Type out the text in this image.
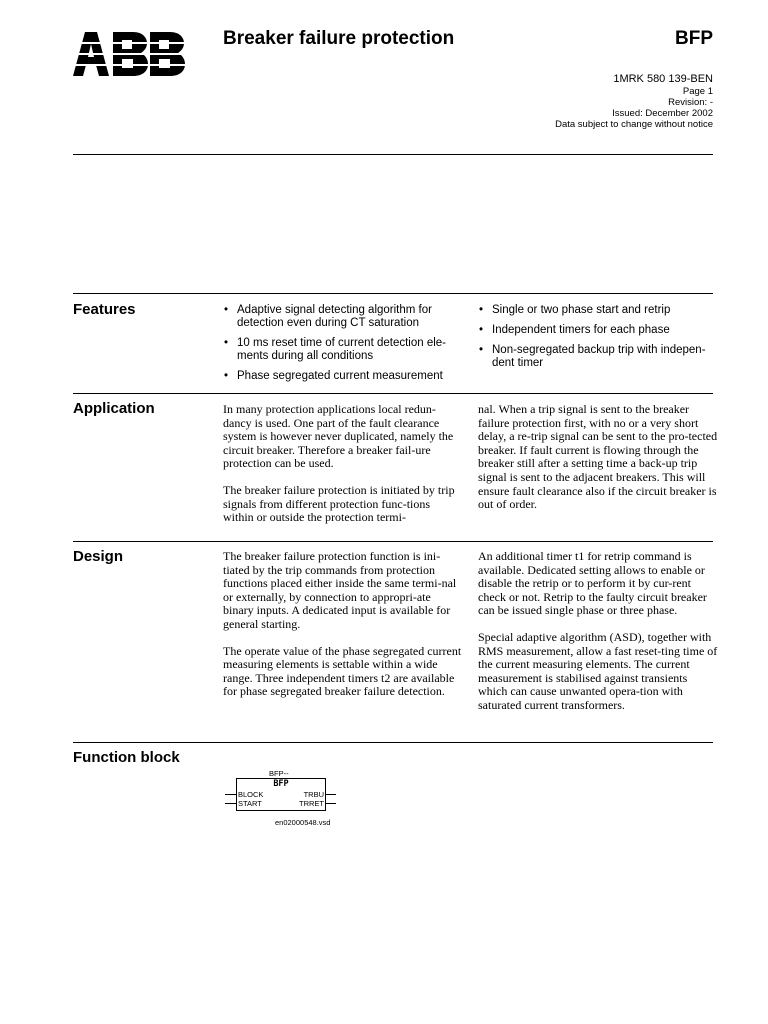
Breaker failure protection	BFP
1MRK 580 139-BEN
Page 1
Revision: -
Issued: December 2002
Data subject to change without notice
Features
•	Adaptive signal detecting algorithm for detection even during CT saturation
• 10 ms reset time of current detection ele-ments during all conditions
• Phase segregated current measurement
• Single or two phase start and retrip
• Independent timers for each phase
• Non-segregated backup trip with indepen-dent timer
Application	In many protection applications local redun-dancy is used. One part of the fault clearance system is however never duplicated, namely the circuit breaker. Therefore a breaker fail-ure protection can be used.

The breaker failure protection is initiated by trip signals from different protection func-tions within or outside the protection termi-

nal. When a trip signal is sent to the breaker failure protection first, with no or a very short delay, a re-trip signal can be sent to the pro-tected breaker. If fault current is flowing through the breaker still after a setting time a back-up trip signal is sent to the adjacent breakers. This will ensure fault clearance also if the circuit breaker is out of order.

Design	The breaker failure protection function is ini-tiated by the trip commands from protection functions placed either inside the same termi-nal or externally, by connection to appropri-ate binary inputs. A dedicated input is available for general starting.

The operate value of the phase segregated current measuring elements is settable within a wide range. Three independent timers t2 are available for phase segregated breaker failure detection.

An additional timer t1 for retrip command is available. Dedicated setting allows to enable or disable the retrip or to perform it by cur-rent check or not. Retrip to the faulty circuit breaker can be issued single phase or three phase.

Special adaptive algorithm (ASD), together with RMS measurement, allow a fast reset-ting time of the current measuring elements. The current measurement is stabilised against transients which can cause unwanted opera-tion with saturated current transformers.

Function block
BFP--
BFP
BLOCK
START
TRBU
TRRET
en02000548.vsd
